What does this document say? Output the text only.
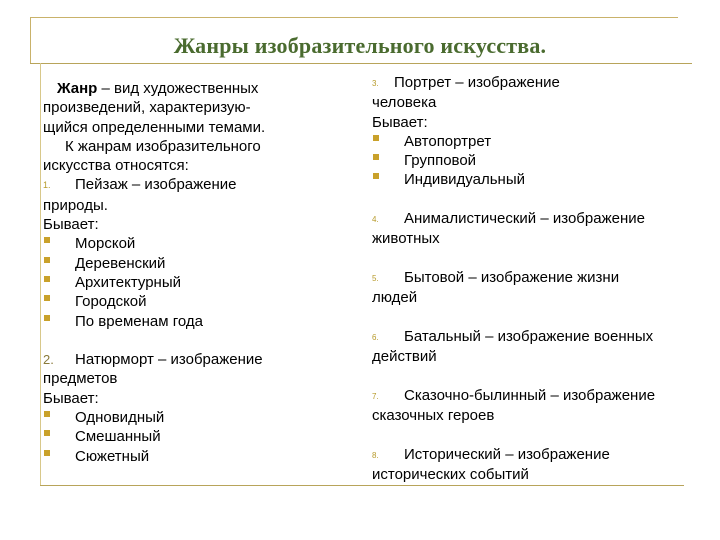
Жанры изобразительного искусства.
Жанр – вид художественных
произведений, характеризую-
щийся определенными темами.
К жанрам изобразительного
искусства относятся:
1. Пейзаж – изображение
природы.
Бывает:
Морской
Деревенский
Архитектурный
Городской
По временам года
2. Натюрморт – изображение
предметов
Бывает:
Одновидный
Смешанный
Сюжетный
3. Портрет – изображение
человека
Бывает:
Автопортрет
Групповой
Индивидуальный
4. Анималистический – изображение
животных
5. Бытовой – изображение жизни
людей
6. Батальный – изображение военных
действий
7. Сказочно-былинный – изображение
сказочных героев
8. Исторический – изображение
исторических событий
